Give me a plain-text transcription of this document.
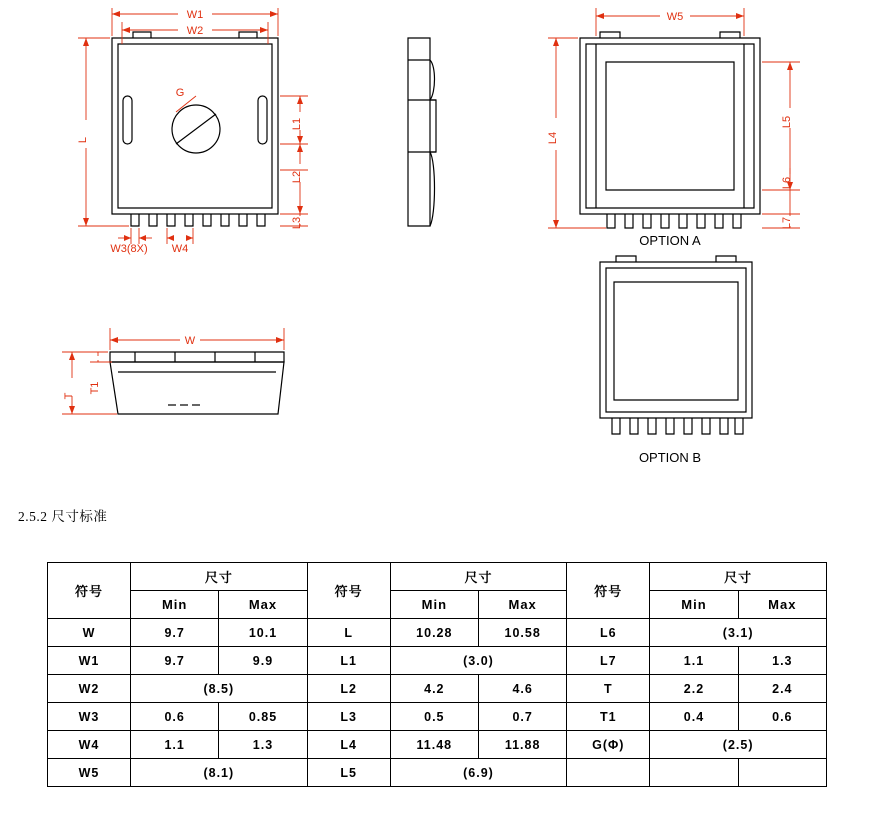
W1
W2
L
L1
L2
L3
W3(8X) W4
G
W5
L4
L5
L6
L7
W
T
T1
OPTION A
OPTION B
2.5.2 尺寸标准
符号	尺寸		符号	尺寸		符号	尺寸	
	Min	Max		Min	Max		Min	Max
W	9.7	10.1	L	10.28	10.58	L6	(3.1)	
W1	9.7	9.9	L1	(3.0)		L7	1.1	1.3
W2	(8.5)		L2	4.2	4.6	T	2.2	2.4
W3	0.6	0.85	L3	0.5	0.7	T1	0.4	0.6
W4	1.1	1.3	L4	11.48	11.88	G(Φ)	(2.5)	
W5	(8.1)		L5	(6.9)				
